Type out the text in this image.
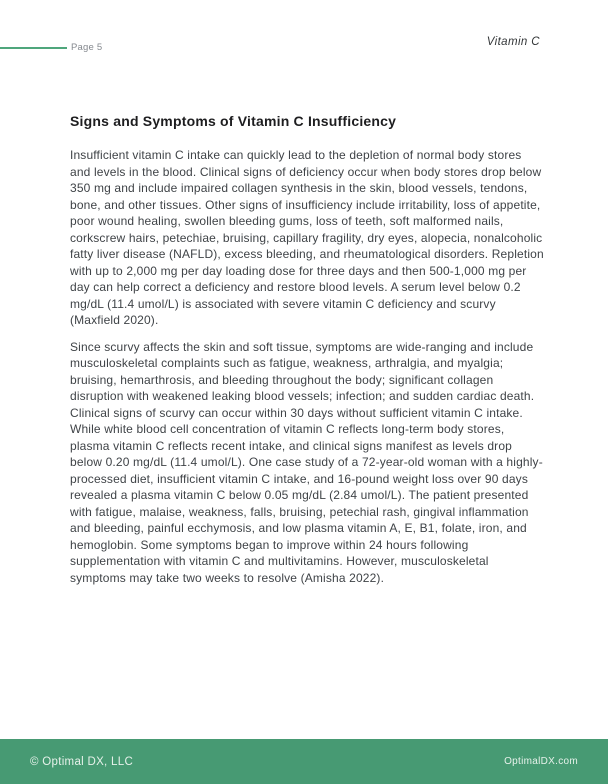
Page 5	Vitamin C
Signs and Symptoms of Vitamin C Insufficiency

Insufficient vitamin C intake can quickly lead to the depletion of normal body stores and levels in the blood. Clinical signs of deficiency occur when body stores drop below 350 mg and include impaired collagen synthesis in the skin, blood vessels, tendons, bone, and other tissues. Other signs of insufficiency include irritability, loss of appetite, poor wound healing, swollen bleeding gums, loss of teeth, soft malformed nails, corkscrew hairs, petechiae, bruising, capillary fragility, dry eyes, alopecia, nonalcoholic fatty liver disease (NAFLD), excess bleeding, and rheumatological disorders. Repletion with up to 2,000 mg per day loading dose for three days and then 500-1,000 mg per day can help correct a deficiency and restore blood levels. A serum level below 0.2 mg/dL (11.4 umol/L) is associated with severe vitamin C deficiency and scurvy (Maxfield 2020).

Since scurvy affects the skin and soft tissue, symptoms are wide-ranging and include musculoskeletal complaints such as fatigue, weakness, arthralgia, and myalgia; bruising, hemarthrosis, and bleeding throughout the body; significant collagen disruption with weakened leaking blood vessels; infection; and sudden cardiac death. Clinical signs of scurvy can occur within 30 days without sufficient vitamin C intake. While white blood cell concentration of vitamin C reflects long-term body stores, plasma vitamin C reflects recent intake, and clinical signs manifest as levels drop below 0.20 mg/dL (11.4 umol/L). One case study of a 72-year-old woman with a highly-processed diet, insufficient vitamin C intake, and 16-pound weight loss over 90 days revealed a plasma vitamin C below 0.05 mg/dL (2.84 umol/L). The patient presented with fatigue, malaise, weakness, falls, bruising, petechial rash, gingival inflammation and bleeding, painful ecchymosis, and low plasma vitamin A, E, B1, folate, iron, and hemoglobin. Some symptoms began to improve within 24 hours following supplementation with vitamin C and multivitamins. However, musculoskeletal symptoms may take two weeks to resolve (Amisha 2022).

© Optimal DX, LLC	OptimalDX.com
